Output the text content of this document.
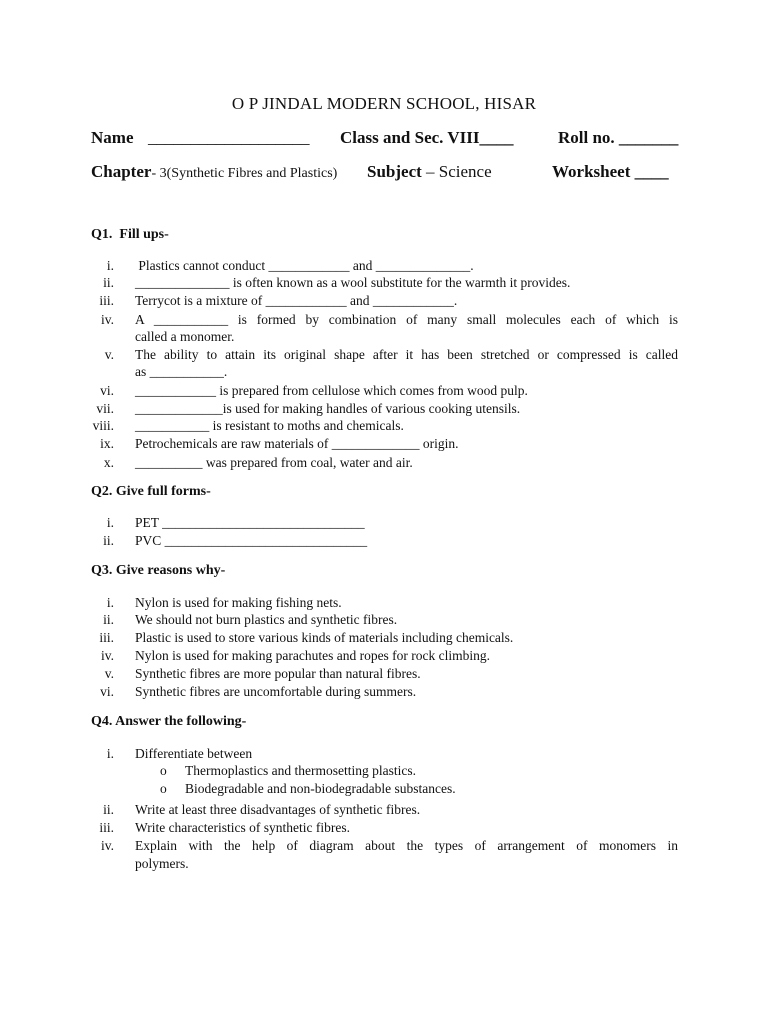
O P JINDAL MODERN SCHOOL, HISAR
Name ___________________ Class and Sec. VIII____	Roll no. _______
Chapter- 3(Synthetic Fibres and Plastics) Subject – Science	Worksheet ____
Q1.  Fill ups-
i. Plastics cannot conduct ____________ and ______________.
ii. ______________ is often known as a wool substitute for the warmth it provides.
iii. Terrycot is a mixture of ____________ and ____________.
iv. A ___________ is formed by combination of many small molecules each of which is
called a monomer.
v. The ability to attain its original shape after it has been stretched or compressed is called
as ___________.
vi. ____________ is prepared from cellulose which comes from wood pulp.
vii. _____________is used for making handles of various cooking utensils.
viii. ___________ is resistant to moths and chemicals.
ix. Petrochemicals are raw materials of _____________ origin.
x. __________ was prepared from coal, water and air.
Q2. Give full forms-
i. PET ______________________________
ii. PVC ______________________________
Q3. Give reasons why-
i. Nylon is used for making fishing nets.
ii. We should not burn plastics and synthetic fibres.
iii. Plastic is used to store various kinds of materials including chemicals.
iv. Nylon is used for making parachutes and ropes for rock climbing.
v. Synthetic fibres are more popular than natural fibres.
vi. Synthetic fibres are uncomfortable during summers.
Q4. Answer the following-
i. Differentiate between
o Thermoplastics and thermosetting plastics.
o Biodegradable and non-biodegradable substances.
ii. Write at least three disadvantages of synthetic fibres.
iii. Write characteristics of synthetic fibres.
iv. Explain with the help of diagram about the types of arrangement of monomers in
polymers.
